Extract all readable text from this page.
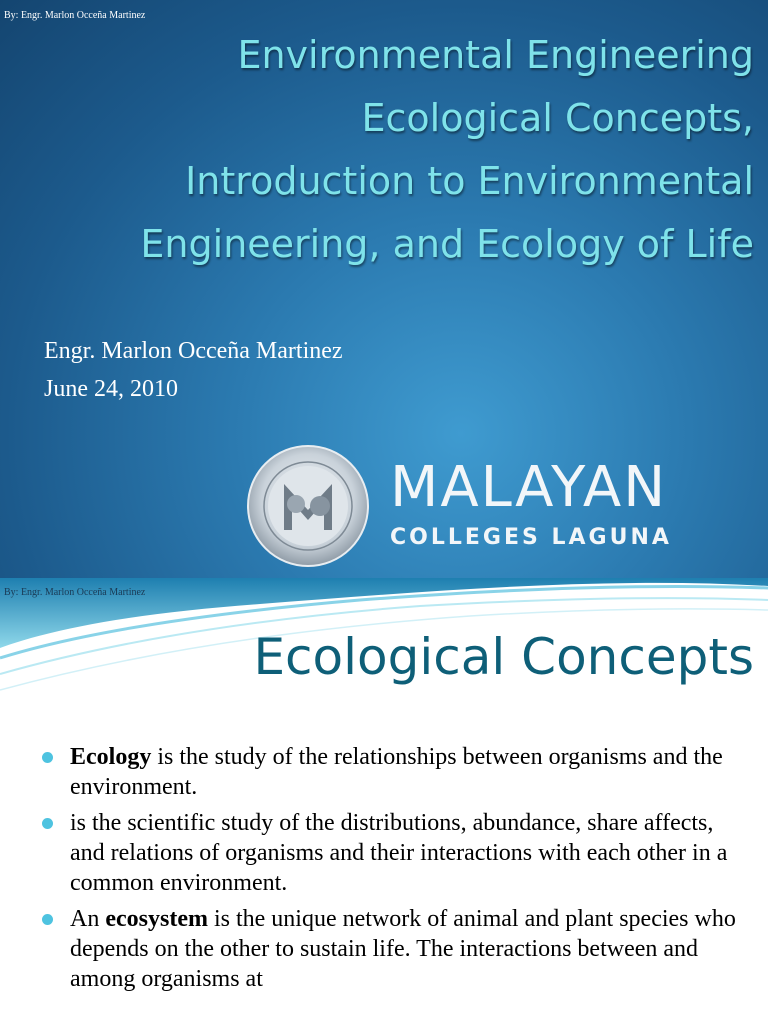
By: Engr. Marlon Occeña Martinez
Environmental Engineering
Ecological Concepts,
Introduction to Environmental
Engineering, and Ecology of Life
Engr. Marlon Occeña Martinez
June 24, 2010
MALAYAN
COLLEGES LAGUNA
By: Engr. Marlon Occeña Martinez
Ecological Concepts
Ecology is the study of the relationships between organisms and the environment.
is the scientific study of the distributions, abundance, share affects, and relations of organisms and their interactions with each other in a common environment.
An ecosystem is the unique network of animal and plant species who depends on the other to sustain life. The interactions between and among organisms at
